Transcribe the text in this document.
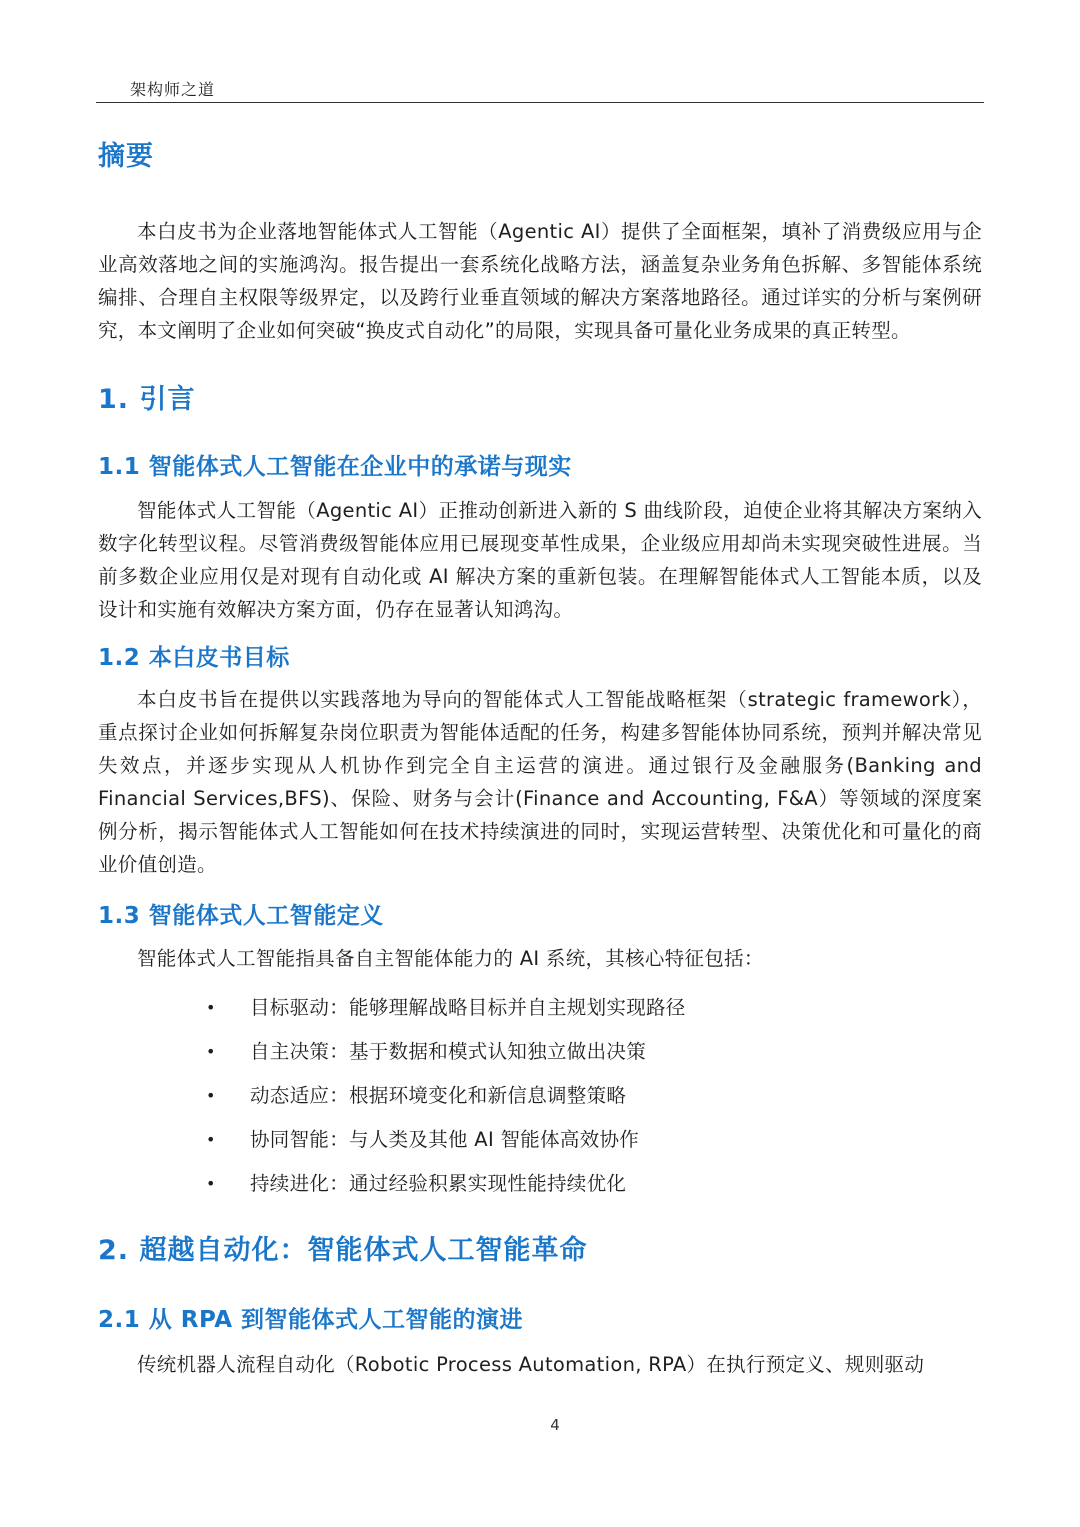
架构师之道
摘要

本白皮书为企业落地智能体式人工智能（Agentic AI）提供了全面框架，填补了消费级应用与企业高效落地之间的实施鸿沟。报告提出一套系统化战略方法，涵盖复杂业务角色拆解、多智能体系统编排、合理自主权限等级界定，以及跨行业垂直领域的解决方案落地路径。通过详实的分析与案例研究，本文阐明了企业如何突破“换皮式自动化”的局限，实现具备可量化业务成果的真正转型。

1. 引言
1.1 智能体式人工智能在企业中的承诺与现实

智能体式人工智能（Agentic AI）正推动创新进入新的 S 曲线阶段，迫使企业将其解决方案纳入数字化转型议程。尽管消费级智能体应用已展现变革性成果，企业级应用却尚未实现突破性进展。当前多数企业应用仅是对现有自动化或 AI 解决方案的重新包装。在理解智能体式人工智能本质，以及设计和实施有效解决方案方面，仍存在显著认知鸿沟。

1.2 本白皮书目标

本白皮书旨在提供以实践落地为导向的智能体式人工智能战略框架（strategic framework），重点探讨企业如何拆解复杂岗位职责为智能体适配的任务，构建多智能体协同系统，预判并解决常见失效点，并逐步实现从人机协作到完全自主运营的演进。通过银行及金融服务(Banking and Financial Services,BFS)、保险、财务与会计(Finance and Accounting, F&A）等领域的深度案例分析，揭示智能体式人工智能如何在技术持续演进的同时，实现运营转型、决策优化和可量化的商业价值创造。

1.3 智能体式人工智能定义

智能体式人工智能指具备自主智能体能力的 AI 系统，其核心特征包括：

• 目标驱动：能够理解战略目标并自主规划实现路径
• 自主决策：基于数据和模式认知独立做出决策
• 动态适应：根据环境变化和新信息调整策略
• 协同智能：与人类及其他 AI 智能体高效协作
• 持续进化：通过经验积累实现性能持续优化
2. 超越自动化：智能体式人工智能革命
2.1 从 RPA 到智能体式人工智能的演进

传统机器人流程自动化（Robotic Process Automation, RPA）在执行预定义、规则驱动

4
